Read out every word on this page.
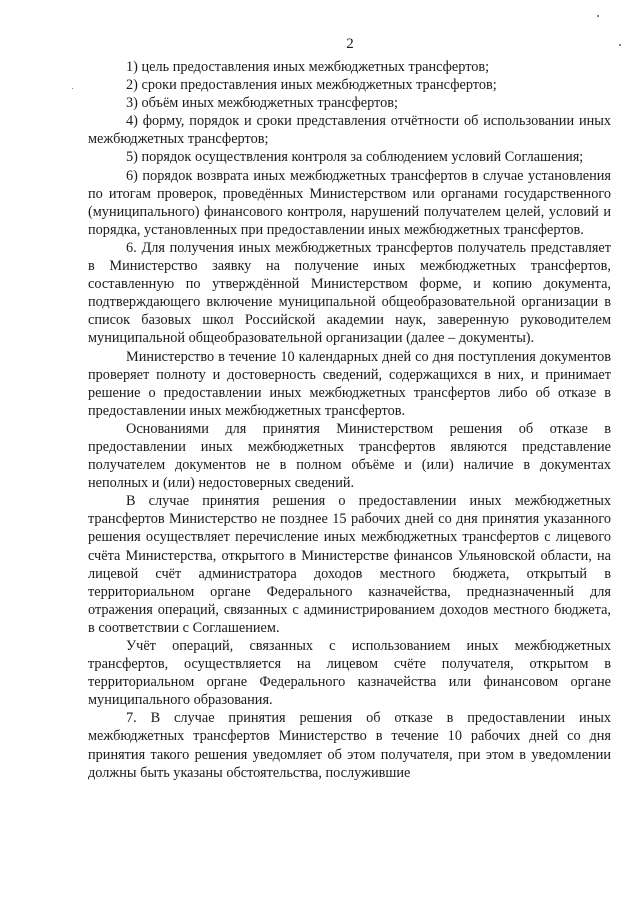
2

1) цель предоставления иных межбюджетных трансфертов;

2) сроки предоставления иных межбюджетных трансфертов;

3) объём иных межбюджетных трансфертов;

4) форму, порядок и сроки представления отчётности об использовании иных межбюджетных трансфертов;

5) порядок осуществления контроля за соблюдением условий Соглашения;

6) порядок возврата иных межбюджетных трансфертов в случае установления по итогам проверок, проведённых Министерством или органами государственного (муниципального) финансового контроля, нарушений получателем целей, условий и порядка, установленных при предоставлении иных межбюджетных трансфертов.

6. Для получения иных межбюджетных трансфертов получатель представляет в Министерство заявку на получение иных межбюджетных трансфертов, составленную по утверждённой Министерством форме, и копию документа, подтверждающего включение муниципальной общеобразовательной организации в список базовых школ Российской академии наук, заверенную руководителем муниципальной общеобразовательной организации (далее – документы).

Министерство в течение 10 календарных дней со дня поступления документов проверяет полноту и достоверность сведений, содержащихся в них, и принимает решение о предоставлении иных межбюджетных трансфертов либо об отказе в предоставлении иных межбюджетных трансфертов.

Основаниями для принятия Министерством решения об отказе в предоставлении иных межбюджетных трансфертов являются представление получателем документов не в полном объёме и (или) наличие в документах неполных и (или) недостоверных сведений.

В случае принятия решения о предоставлении иных межбюджетных трансфертов Министерство не позднее 15 рабочих дней со дня принятия указанного решения осуществляет перечисление иных межбюджетных трансфертов с лицевого счёта Министерства, открытого в Министерстве финансов Ульяновской области, на лицевой счёт администратора доходов местного бюджета, открытый в территориальном органе Федерального казначейства, предназначенный для отражения операций, связанных с администрированием доходов местного бюджета, в соответствии с Соглашением.

Учёт операций, связанных с использованием иных межбюджетных трансфертов, осуществляется на лицевом счёте получателя, открытом в территориальном органе Федерального казначейства или финансовом органе муниципального образования.

7. В случае принятия решения об отказе в предоставлении иных межбюджетных трансфертов Министерство в течение 10 рабочих дней со дня принятия такого решения уведомляет об этом получателя, при этом в уведомлении должны быть указаны обстоятельства, послужившие
